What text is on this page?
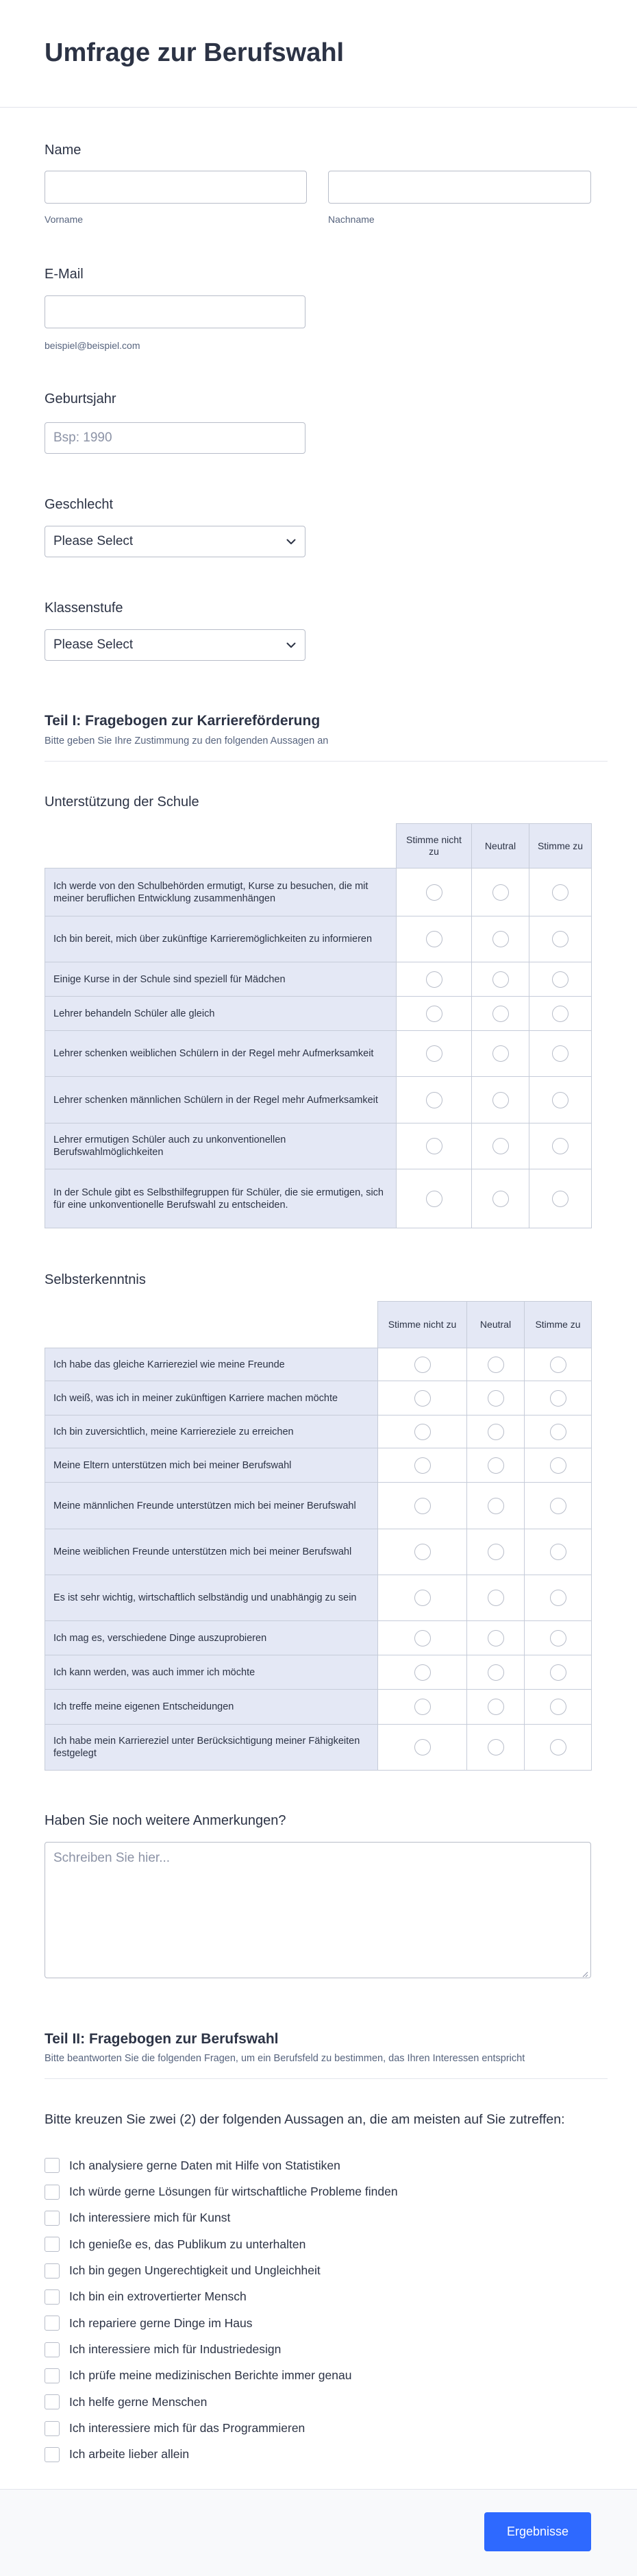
Umfrage zur Berufswahl
Name
Vorname	Nachname
E-Mail
beispiel@beispiel.com
Geburtsjahr
Bsp: 1990
Geschlecht
Please Select
Klassenstufe
Please Select
Teil I: Fragebogen zur Karriereförderung
Bitte geben Sie Ihre Zustimmung zu den folgenden Aussagen an
Unterstützung der Schule
	Stimme nicht zu	Neutral	Stimme zu
Ich werde von den Schulbehörden ermutigt, Kurse zu besuchen, die mit meiner beruflichen Entwicklung zusammenhängen			
Ich bin bereit, mich über zukünftige Karrieremöglichkeiten zu informieren			
Einige Kurse in der Schule sind speziell für Mädchen			
Lehrer behandeln Schüler alle gleich			
Lehrer schenken weiblichen Schülern in der Regel mehr Aufmerksamkeit			
Lehrer schenken männlichen Schülern in der Regel mehr Aufmerksamkeit			
Lehrer ermutigen Schüler auch zu unkonventionellen Berufswahlmöglichkeiten			
In der Schule gibt es Selbsthilfegruppen für Schüler, die sie ermutigen, sich für eine unkonventionelle Berufswahl zu entscheiden.			
Selbsterkenntnis
	Stimme nicht zu	Neutral	Stimme zu
Ich habe das gleiche Karriereziel wie meine Freunde			
Ich weiß, was ich in meiner zukünftigen Karriere machen möchte			
Ich bin zuversichtlich, meine Karriereziele zu erreichen			
Meine Eltern unterstützen mich bei meiner Berufswahl			
Meine männlichen Freunde unterstützen mich bei meiner Berufswahl			
Meine weiblichen Freunde unterstützen mich bei meiner Berufswahl			
Es ist sehr wichtig, wirtschaftlich selbständig und unabhängig zu sein			
Ich mag es, verschiedene Dinge auszuprobieren			
Ich kann werden, was auch immer ich möchte			
Ich treffe meine eigenen Entscheidungen			
Ich habe mein Karriereziel unter Berücksichtigung meiner Fähigkeiten festgelegt			
Haben Sie noch weitere Anmerkungen?
Schreiben Sie hier...
Teil II: Fragebogen zur Berufswahl
Bitte beantworten Sie die folgenden Fragen, um ein Berufsfeld zu bestimmen, das Ihren Interessen entspricht
Bitte kreuzen Sie zwei (2) der folgenden Aussagen an, die am meisten auf Sie zutreffen:
Ich analysiere gerne Daten mit Hilfe von Statistiken
Ich würde gerne Lösungen für wirtschaftliche Probleme finden
Ich interessiere mich für Kunst
Ich genieße es, das Publikum zu unterhalten
Ich bin gegen Ungerechtigkeit und Ungleichheit
Ich bin ein extrovertierter Mensch
Ich repariere gerne Dinge im Haus
Ich interessiere mich für Industriedesign
Ich prüfe meine medizinischen Berichte immer genau
Ich helfe gerne Menschen
Ich interessiere mich für das Programmieren
Ich arbeite lieber allein
Ergebnisse
